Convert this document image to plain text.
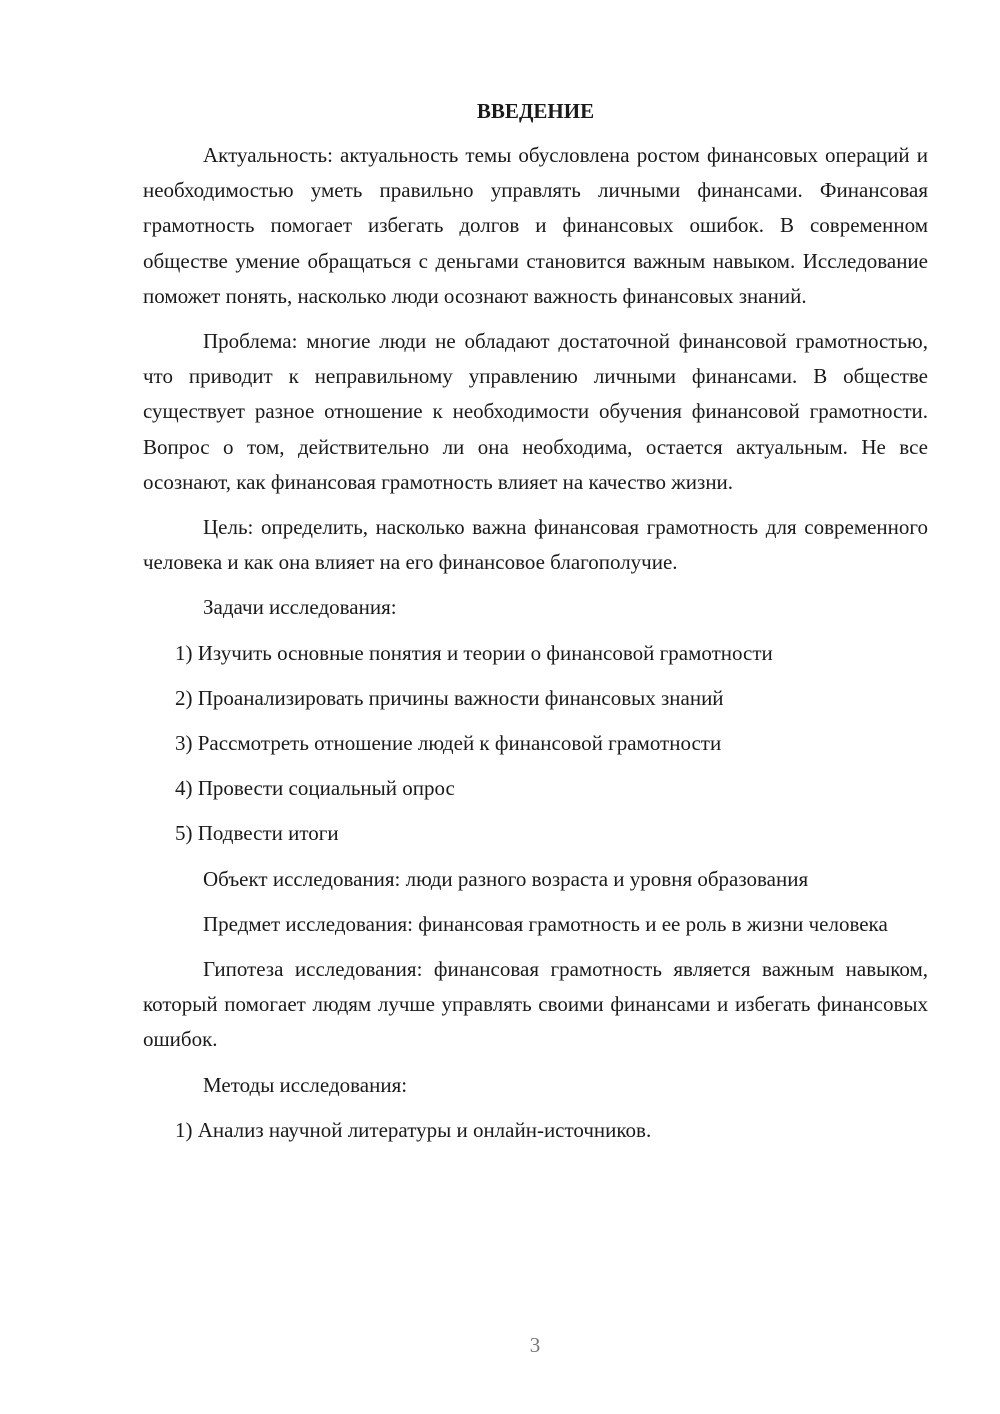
ВВЕДЕНИЕ

Актуальность: актуальность темы обусловлена ростом финансовых операций и необходимостью уметь правильно управлять личными финансами. Финансовая грамотность помогает избегать долгов и финансовых ошибок. В современном обществе умение обращаться с деньгами становится важным навыком. Исследование поможет понять, насколько люди осознают важность финансовых знаний.

Проблема: многие люди не обладают достаточной финансовой грамотностью, что приводит к неправильному управлению личными финансами. В обществе существует разное отношение к необходимости обучения финансовой грамотности. Вопрос о том, действительно ли она необходима, остается актуальным. Не все осознают, как финансовая грамотность влияет на качество жизни.

Цель: определить, насколько важна финансовая грамотность для современного человека и как она влияет на его финансовое благополучие.

Задачи исследования:

1) Изучить основные понятия и теории о финансовой грамотности

2) Проанализировать причины важности финансовых знаний

3) Рассмотреть отношение людей к финансовой грамотности

4) Провести социальный опрос

5) Подвести итоги

Объект исследования: люди разного возраста и уровня образования

Предмет исследования: финансовая грамотность и ее роль в жизни человека

Гипотеза исследования: финансовая грамотность является важным навыком, который помогает людям лучше управлять своими финансами и избегать финансовых ошибок.

Методы исследования:

1) Анализ научной литературы и онлайн-источников.

3
